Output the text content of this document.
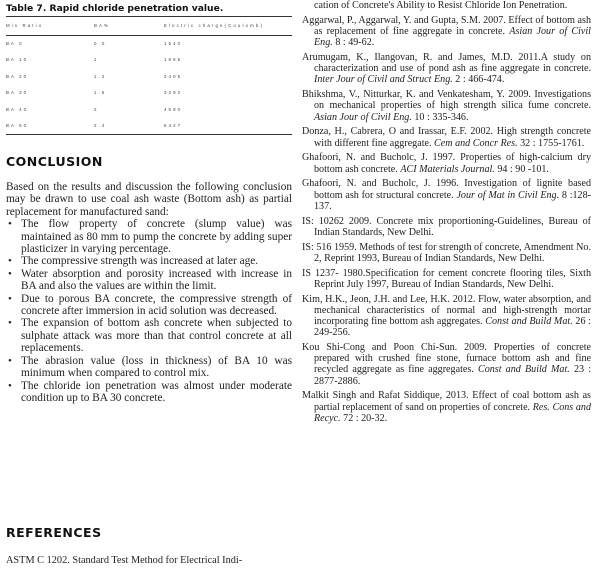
Table 7. Rapid chloride penetration value.
Mix Ratio	BA%	Electric charge(Coulomb)
BA 0	0.0	1640
BA 10	1	1865
BA 20	1.2	2405
BA 30	1.6	3392
BA 40	2	4590
BA 50	2.4	5427
CONCLUSION

Based on the results and discussion the following conclusion may be drawn to use coal ash waste (Bottom ash) as partial replacement for manufactured sand:

• The flow property of concrete (slump value) was maintained as 80 mm to pump the concrete by adding super plasticizer in varying percentage.
• The compressive strength was increased at later age.
• Water absorption and porosity increased with increase in BA and also the values are within the limit.
• Due to porous BA concrete, the compressive strength of concrete after immersion in acid solution was decreased.
• The expansion of bottom ash concrete when subjected to sulphate attack was more than that control concrete at all replacements.
• The abrasion value (loss in thickness) of BA 10 was minimum when compared to control mix.
• The chloride ion penetration was almost under moderate condition up to BA 30 concrete.
REFERENCES
ASTM C 1202. Standard Test Method for Electrical Indi-
cation of Concrete's Ability to Resist Chloride Ion Penetration.
Aggarwal, P., Aggarwal, Y. and Gupta, S.M. 2007. Effect of bottom ash as replacement of fine aggregate in concrete. Asian Jour of Civil Eng. 8 : 49-62.
Arumugam, K., Ilangovan, R. and James, M.D. 2011.A study on characterization and use of pond ash as fine aggregate in concrete. Inter Jour of Civil and Struct Eng. 2 : 466-474.
Bhikshma, V., Nitturkar, K. and Venkatesham, Y. 2009. Investigations on mechanical properties of high strength silica fume concrete. Asian Jour of Civil Eng. 10 : 335-346.
Donza, H., Cabrera, O and Irassar, E.F. 2002. High strength concrete with different fine aggregate. Cem and Concr Res. 32 : 1755-1761.
Ghafoori, N. and Bucholc, J. 1997. Properties of high-calcium dry bottom ash concrete. ACI Materials Journal. 94 : 90 -101.
Ghafoori, N. and Bucholc, J. 1996. Investigation of lignite based bottom ash for structural concrete. Jour of Mat in Civil Eng. 8 :128-137.
IS: 10262 2009. Concrete mix proportioning-Guidelines, Bureau of Indian Standards, New Delhi.
IS: 516 1959. Methods of test for strength of concrete, Amendment No. 2, Reprint 1993, Bureau of Indian Standards, New Delhi.
IS 1237- 1980.Specification for cement concrete flooring tiles, Sixth Reprint July 1997, Bureau of Indian Standards, New Delhi.
Kim, H.K., Jeon, J.H. and Lee, H.K. 2012. Flow, water absorption, and mechanical characteristics of normal and high-strength mortar incorporating fine bottom ash aggregates. Const and Build Mat. 26 : 249-256.
Kou Shi-Cong and Poon Chi-Sun. 2009. Properties of concrete prepared with crushed fine stone, furnace bottom ash and fine recycled aggregate as fine aggregates. Const and Build Mat. 23 : 2877-2886.
Malkit Singh and Rafat Siddique, 2013. Effect of coal bottom ash as partial replacement of sand on properties of concrete. Res. Cons and Recyc. 72 : 20-32.
